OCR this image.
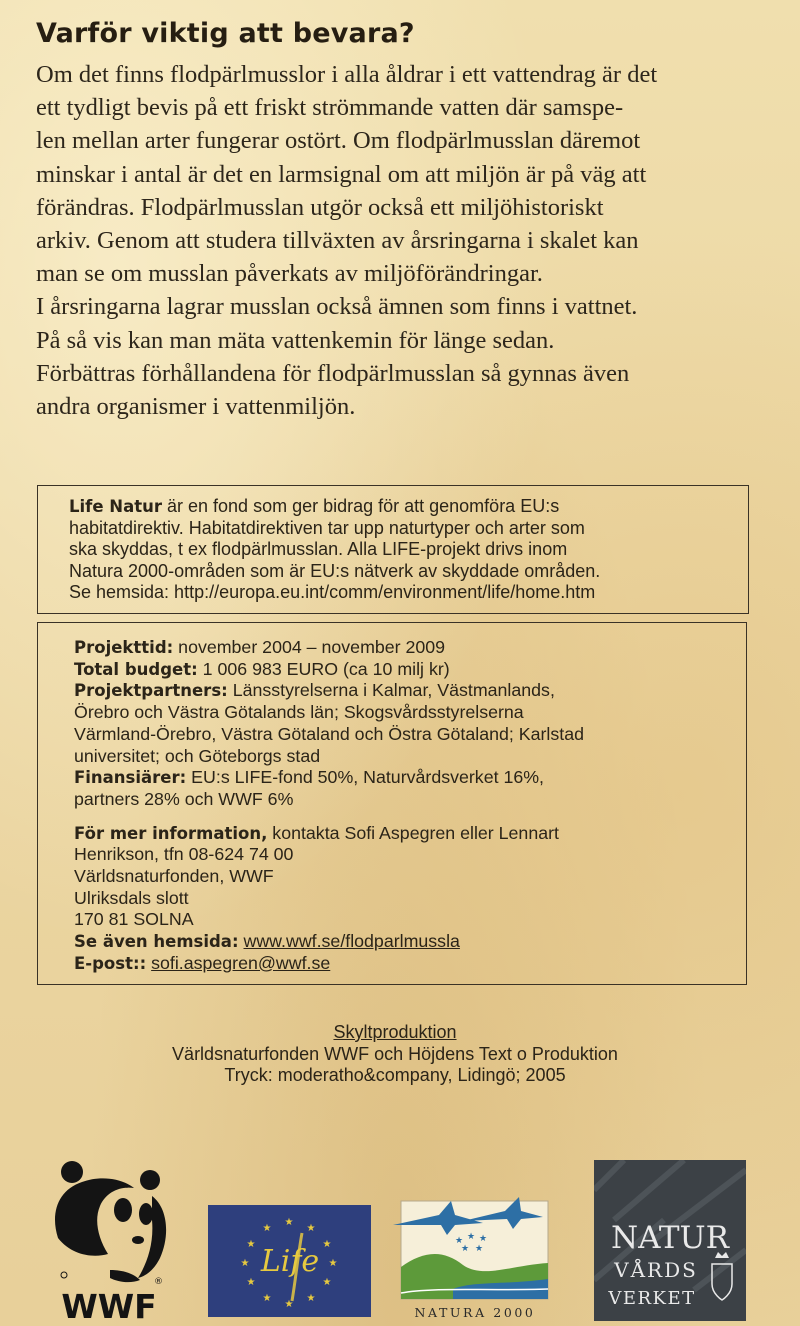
Varför viktig att bevara?
Om det finns flodpärlmusslor i alla åldrar i ett vattendrag är det
ett tydligt bevis på ett friskt strömmande vatten där samspe-
len mellan arter fungerar ostört. Om flodpärlmusslan däremot
minskar i antal är det en larmsignal om att miljön är på väg att
förändras. Flodpärlmusslan utgör också ett miljöhistoriskt
arkiv. Genom att studera tillväxten av årsringarna i skalet kan
man se om musslan påverkats av miljöförändringar.
I årsringarna lagrar musslan också ämnen som finns i vattnet.
På så vis kan man mäta vattenkemin för länge sedan.
Förbättras förhållandena för flodpärlmusslan så gynnas även
andra organismer i vattenmiljön.
Life Natur är en fond som ger bidrag för att genomföra EU:s
habitatdirektiv. Habitatdirektiven tar upp naturtyper och arter som
ska skyddas, t ex flodpärlmusslan. Alla LIFE-projekt drivs inom
Natura 2000-områden som är EU:s nätverk av skyddade områden.
Se hemsida: http://europa.eu.int/comm/environment/life/home.htm
Projekttid: november 2004 – november 2009
Total budget: 1 006 983 EURO (ca 10 milj kr)
Projektpartners: Länsstyrelserna i Kalmar, Västmanlands,
Örebro och Västra Götalands län; Skogsvårdsstyrelserna
Värmland-Örebro, Västra Götaland och Östra Götaland; Karlstad
universitet; och Göteborgs stad
Finansiärer: EU:s LIFE-fond 50%, Naturvårdsverket 16%,
partners 28% och WWF 6%
För mer information, kontakta Sofi Aspegren eller Lennart
Henrikson, tfn 08-624 74 00
Världsnaturfonden, WWF
Ulriksdals slott
170 81 SOLNA
Se även hemsida: www.wwf.se/flodparlmussla
E-post:: sofi.aspegren@wwf.se
Skyltproduktion
Världsnaturfonden WWF och Höjdens Text o Produktion
Tryck: moderatho&company, Lidingö; 2005
®
WWF
★
★
★
★
★
★
★
★
★
★
★
★
Life
★ ★ ★
★ ★
NATURA 2000
NATUR
VÅRDS
VERKET
